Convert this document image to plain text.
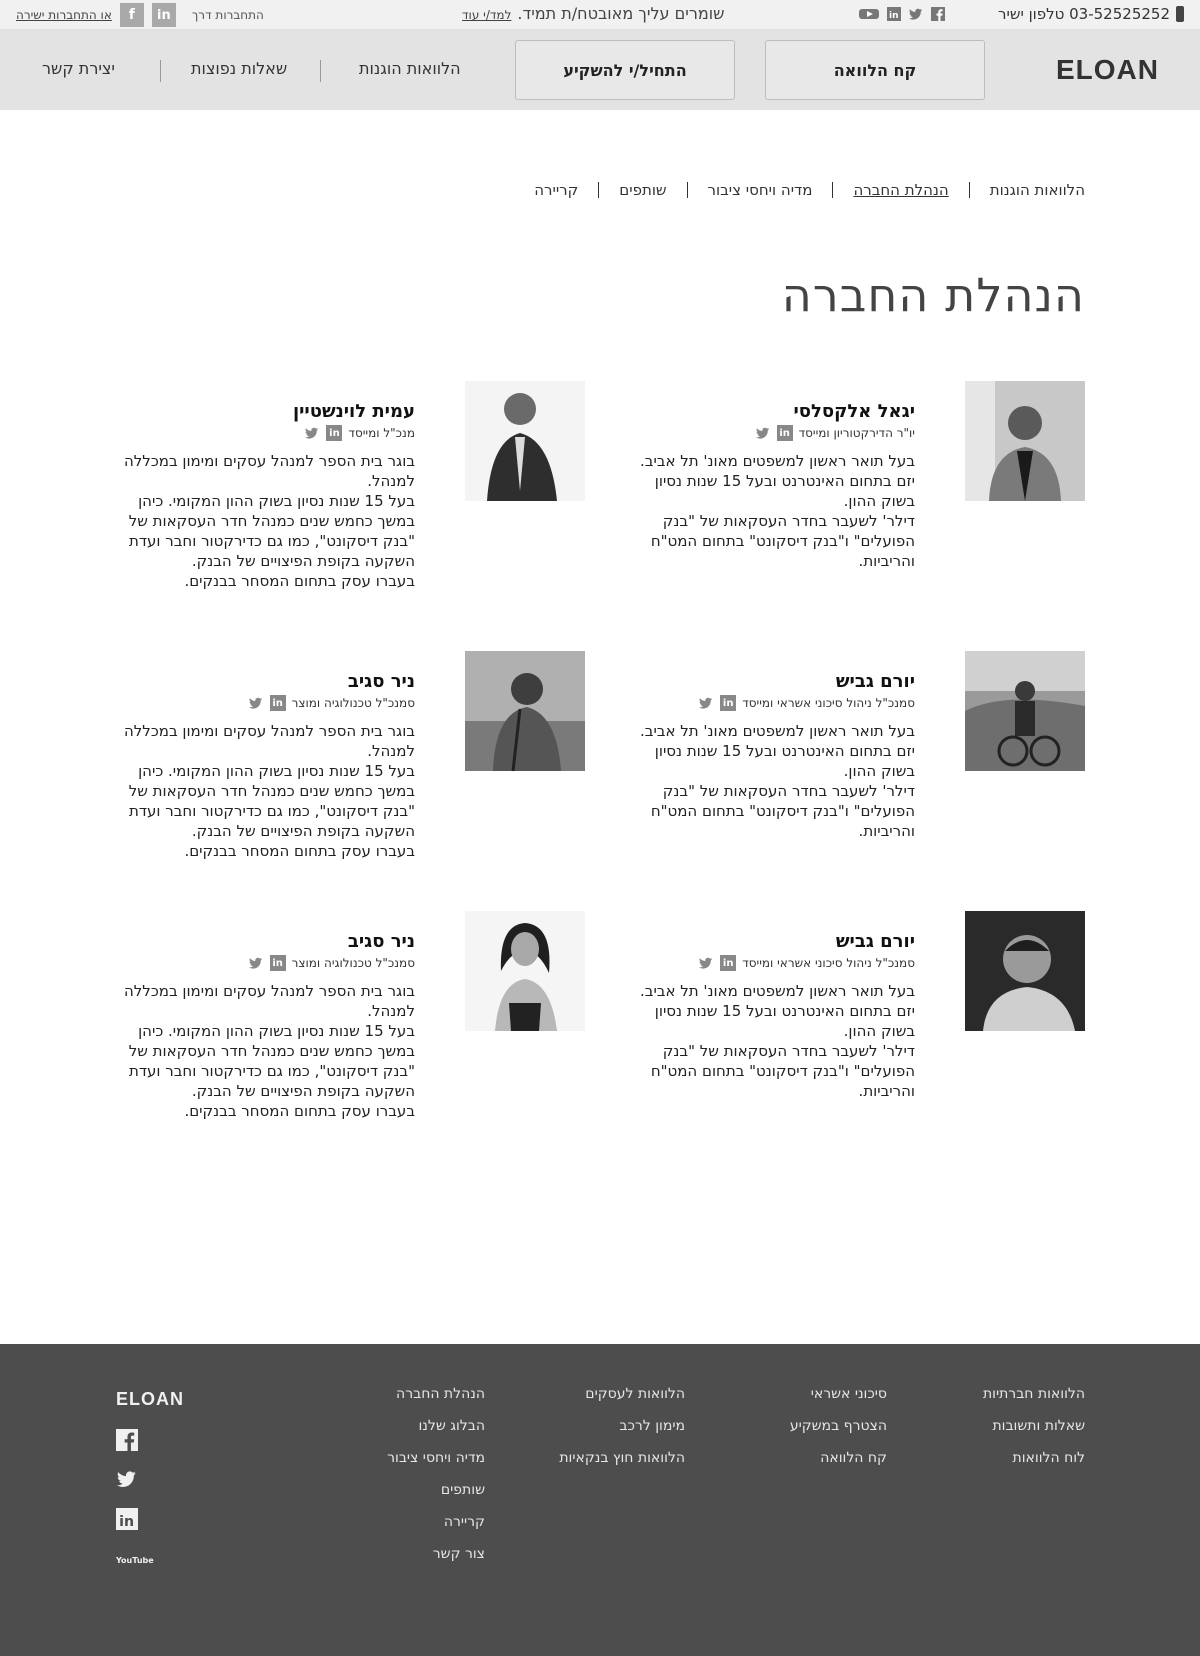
03-52525252 טלפון ישיר
in
שומרים עליך מאובטח/ת תמיד.
למד/י עוד
או התחברות ישירה	f	in	התחברות דרך
ELOAN
קח הלוואה
התחיל/י להשקיע
הלוואות הוגנות
שאלות נפוצות
יצירת קשר
הלוואות הוגנות
הנהלת החברה
מדיה ויחסי ציבור
שותפים
קריירה
הנהלת החברה
יגאל אלקסלסי
יו"ר הדירקטוריון ומייסד
in

בעל תואר ראשון למשפטים מאונ' תל אביב.

יזם בתחום האינטרנט ובעל 15 שנות נסיון

בשוק ההון.

דילר' לשעבר בחדר העסקאות של "בנק

הפועלים" ו"בנק דיסקונט" בתחום המט"ח

והריביות.

עמית לוינשטיין
מנכ"ל ומייסד
in

בוגר בית הספר למנהל עסקים ומימון במכללה

למנהל.

בעל 15 שנות נסיון בשוק ההון המקומי. כיהן

במשך כחמש שנים כמנהל חדר העסקאות של

"בנק דיסקונט", כמו גם כדירקטור וחבר ועדת

השקעה בקופת הפיצויים של הבנק.

בעברו עסק בתחום המסחר בבנקים.

יורם גביש
סמנכ"ל ניהול סיכוני אשראי ומייסד
in

בעל תואר ראשון למשפטים מאונ' תל אביב.

יזם בתחום האינטרנט ובעל 15 שנות נסיון

בשוק ההון.

דילר' לשעבר בחדר העסקאות של "בנק

הפועלים" ו"בנק דיסקונט" בתחום המט"ח

והריביות.

ניר סגיב
סמנכ"ל טכנולוגיה ומוצר
in

בוגר בית הספר למנהל עסקים ומימון במכללה

למנהל.

בעל 15 שנות נסיון בשוק ההון המקומי. כיהן

במשך כחמש שנים כמנהל חדר העסקאות של

"בנק דיסקונט", כמו גם כדירקטור וחבר ועדת

השקעה בקופת הפיצויים של הבנק.

בעברו עסק בתחום המסחר בבנקים.

יורם גביש
סמנכ"ל ניהול סיכוני אשראי ומייסד
in

בעל תואר ראשון למשפטים מאונ' תל אביב.

יזם בתחום האינטרנט ובעל 15 שנות נסיון

בשוק ההון.

דילר' לשעבר בחדר העסקאות של "בנק

הפועלים" ו"בנק דיסקונט" בתחום המט"ח

והריביות.

ניר סגיב
סמנכ"ל טכנולוגיה ומוצר
in

בוגר בית הספר למנהל עסקים ומימון במכללה

למנהל.

בעל 15 שנות נסיון בשוק ההון המקומי. כיהן

במשך כחמש שנים כמנהל חדר העסקאות של

"בנק דיסקונט", כמו גם כדירקטור וחבר ועדת

השקעה בקופת הפיצויים של הבנק.

בעברו עסק בתחום המסחר בבנקים.

הלוואות חברתיות
שאלות ותשובות
לוח הלוואות
סיכוני אשראי
הצטרף במשקיע
קח הלוואה
הלוואות לעסקים
מימון לרכב
הלוואות חוץ בנקאיות
הנהלת החברה
הבלוג שלנו
מדיה ויחסי ציבור
שותפים
קריירה
צור קשר
ELOAN
in
YouTube
